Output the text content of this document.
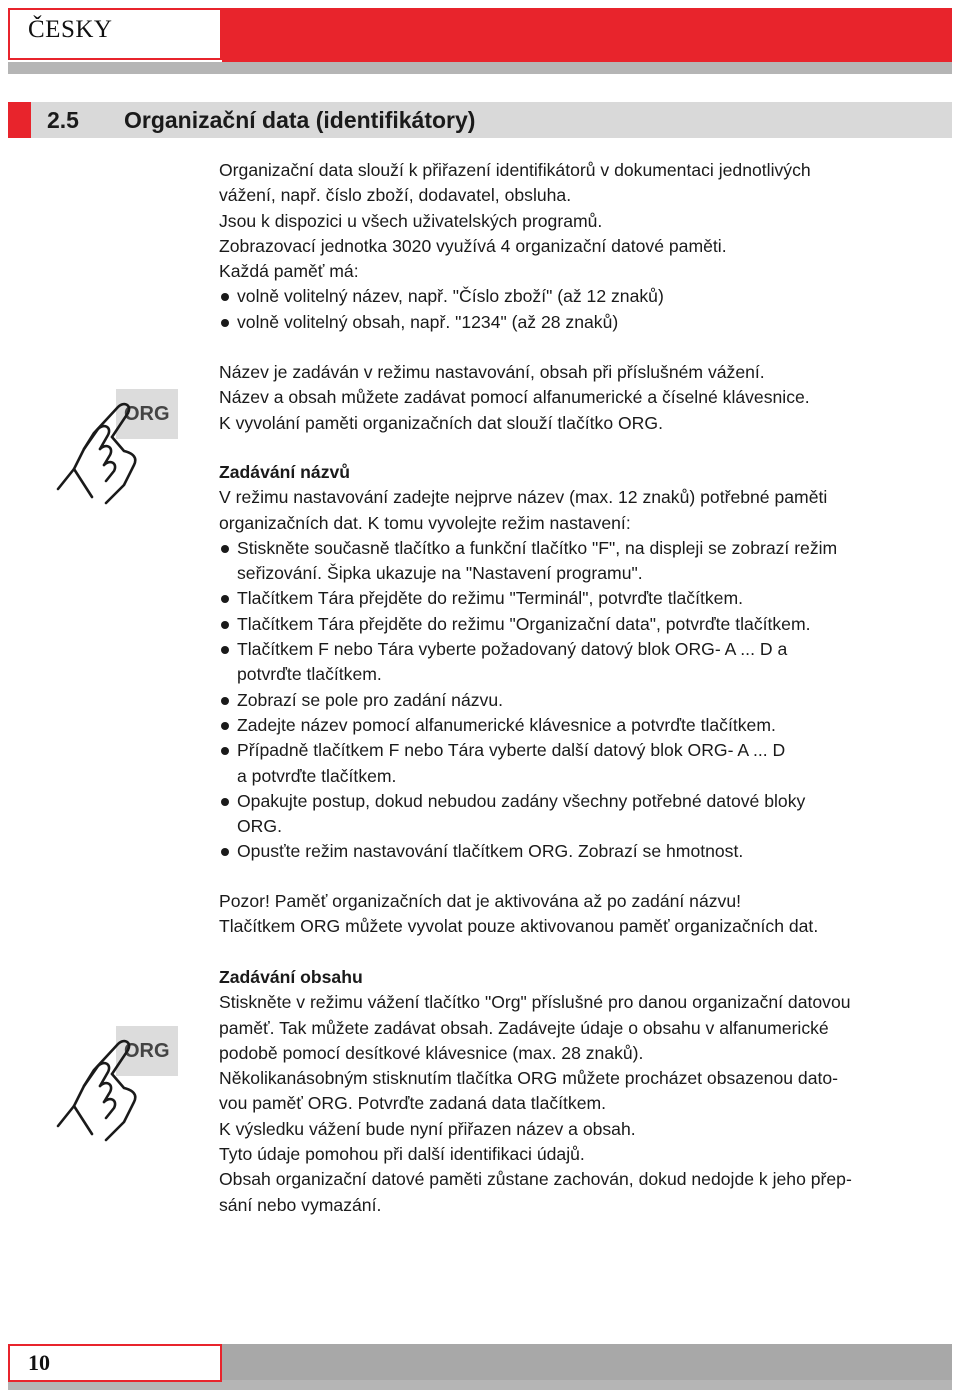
ČESKY
2.5 Organizační data (identifikátory)

Organizační data slouží k přiřazení identifikátorů v dokumentaci jednotlivých

vážení, např. číslo zboží, dodavatel, obsluha.

Jsou k dispozici u všech uživatelských programů.

Zobrazovací jednotka 3020 využívá 4 organizační datové paměti.

Každá paměť má:

volně volitelný název, např. "Číslo zboží" (až 12 znaků)

volně volitelný obsah, např. "1234" (až 28 znaků)

Název je zadáván v režimu nastavování, obsah při příslušném vážení.

Název a obsah můžete zadávat pomocí alfanumerické a číselné klávesnice.

K vyvolání paměti organizačních dat slouží tlačítko ORG.

ORG

Zadávání názvů

V režimu nastavování zadejte nejprve název (max. 12 znaků) potřebné paměti

organizačních dat. K tomu vyvolejte režim nastavení:

Stiskněte současně tlačítko a funkční tlačítko "F", na displeji se zobrazí režim
seřizování. Šipka ukazuje na "Nastavení programu".

Tlačítkem Tára přejděte do režimu "Terminál", potvrďte tlačítkem.

Tlačítkem Tára přejděte do režimu "Organizační data", potvrďte tlačítkem.

Tlačítkem F nebo Tára vyberte požadovaný datový blok ORG- A ... D a
potvrďte tlačítkem.

Zobrazí se pole pro zadání názvu.

Zadejte název pomocí alfanumerické klávesnice a potvrďte tlačítkem.

Případně tlačítkem F nebo Tára vyberte další datový blok ORG- A ... D
a potvrďte tlačítkem.

Opakujte postup, dokud nebudou zadány všechny potřebné datové bloky
ORG.

Opusťte režim nastavování tlačítkem ORG. Zobrazí se hmotnost.

Pozor! Paměť organizačních dat je aktivována až po zadání názvu!

Tlačítkem ORG můžete vyvolat pouze aktivovanou paměť organizačních dat.

Zadávání obsahu

Stiskněte v režimu vážení tlačítko "Org" příslušné pro danou organizační datovou

paměť. Tak můžete zadávat obsah. Zadávejte údaje o obsahu v alfanumerické

podobě pomocí desítkové klávesnice (max. 28 znaků).

Několikanásobným stisknutím tlačítka ORG můžete procházet obsazenou dato-

vou paměť ORG. Potvrďte zadaná data tlačítkem.

K výsledku vážení bude nyní přiřazen název a obsah.

Tyto údaje pomohou při další identifikaci údajů.

Obsah organizační datové paměti zůstane zachován, dokud nedojde k jeho přep-

sání nebo vymazání.

ORG
10
